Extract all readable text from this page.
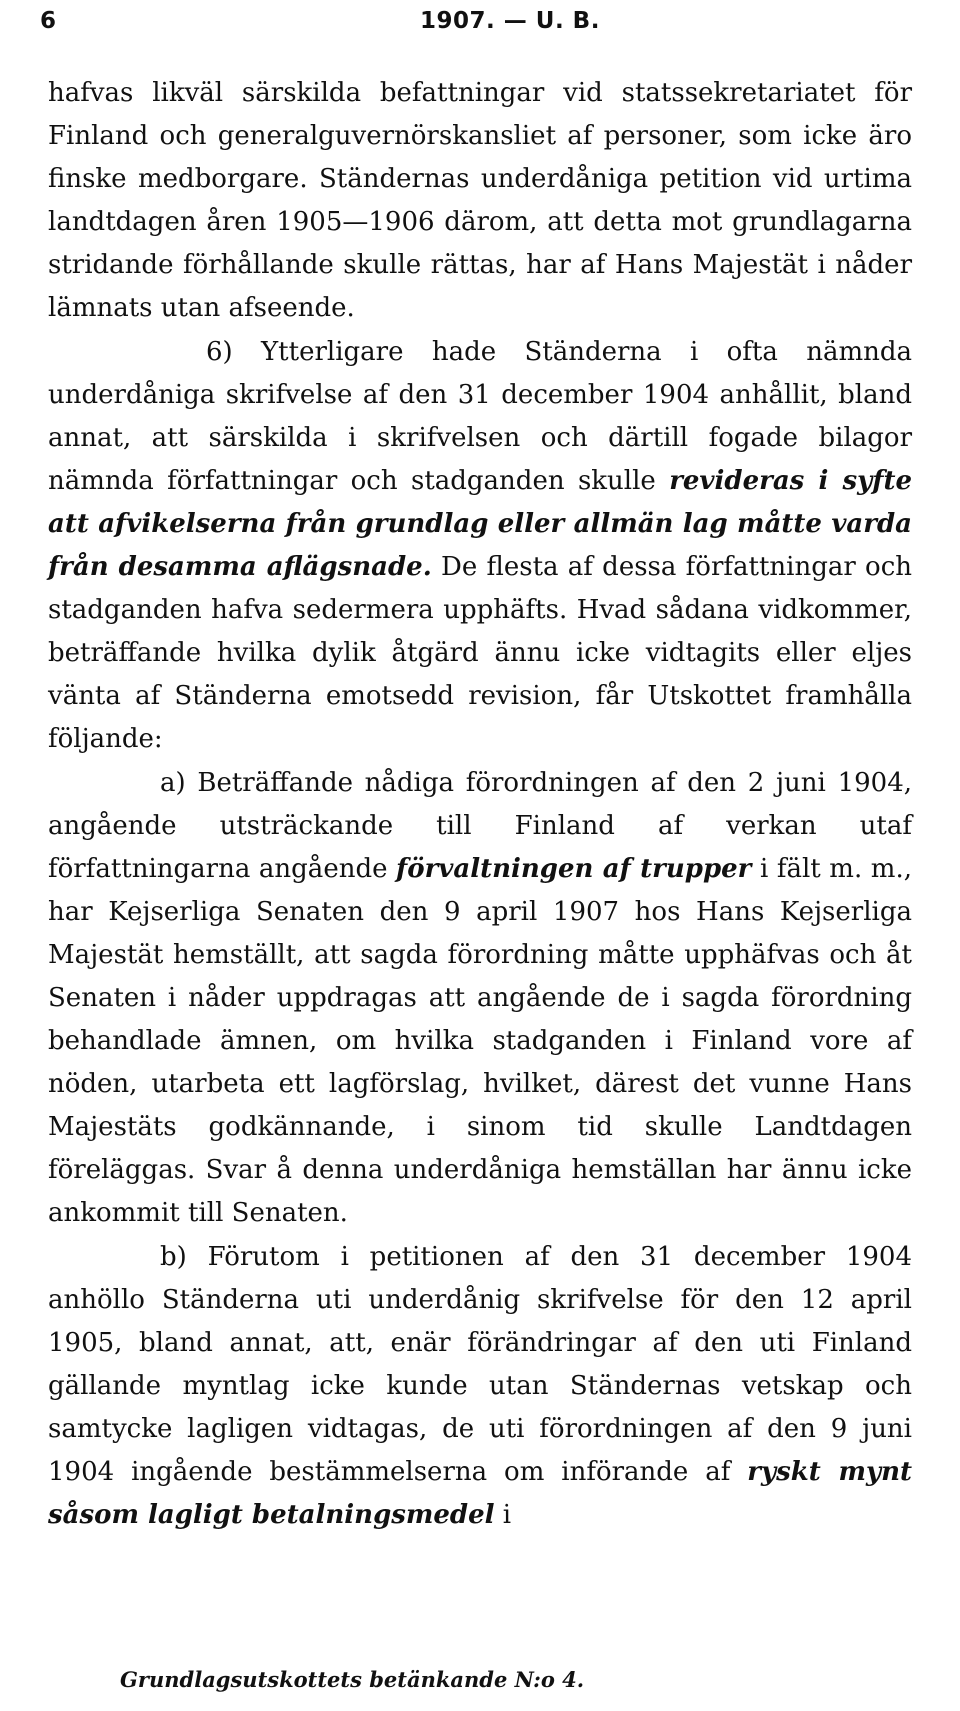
6	1907. — U. B.

hafvas likväl särskilda befattningar vid statssekretariatet för Finland och generalguvernörskansliet af personer, som icke äro finske medborgare. Ständernas underdåniga petition vid urtima landtdagen åren 1905—1906 därom, att detta mot grundlagarna stridande förhållande skulle rättas, har af Hans Majestät i nåder lämnats utan afseende.

6) Ytterligare hade Ständerna i ofta nämnda underdåniga skrifvelse af den 31 december 1904 anhållit, bland annat, att särskilda i skrifvelsen och därtill fogade bilagor nämnda författningar och stadganden skulle revideras i syfte att afvikelserna från grundlag eller allmän lag måtte varda från desamma aflägsnade. De flesta af dessa författningar och stadganden hafva sedermera upphäfts. Hvad sådana vidkommer, beträffande hvilka dylik åtgärd ännu icke vidtagits eller eljes vänta af Ständerna emotsedd revision, får Utskottet framhålla följande:

a) Beträffande nådiga förordningen af den 2 juni 1904, angående utsträckande till Finland af verkan utaf författningarna angående förvaltningen af trupper i fält m. m., har Kejserliga Senaten den 9 april 1907 hos Hans Kejserliga Majestät hemställt, att sagda förordning måtte upphäfvas och åt Senaten i nåder uppdragas att angående de i sagda förordning behandlade ämnen, om hvilka stadganden i Finland vore af nöden, utarbeta ett lagförslag, hvilket, därest det vunne Hans Majestäts godkännande, i sinom tid skulle Landtdagen föreläggas. Svar å denna underdåniga hemställan har ännu icke ankommit till Senaten.

b) Förutom i petitionen af den 31 december 1904 anhöllo Ständerna uti underdånig skrifvelse för den 12 april 1905, bland annat, att, enär förändringar af den uti Finland gällande myntlag icke kunde utan Ständernas vetskap och samtycke lagligen vidtagas, de uti förordningen af den 9 juni 1904 ingående bestämmelserna om införande af ryskt mynt såsom lagligt betalningsmedel i

Grundlagsutskottets betänkande N:o 4.
